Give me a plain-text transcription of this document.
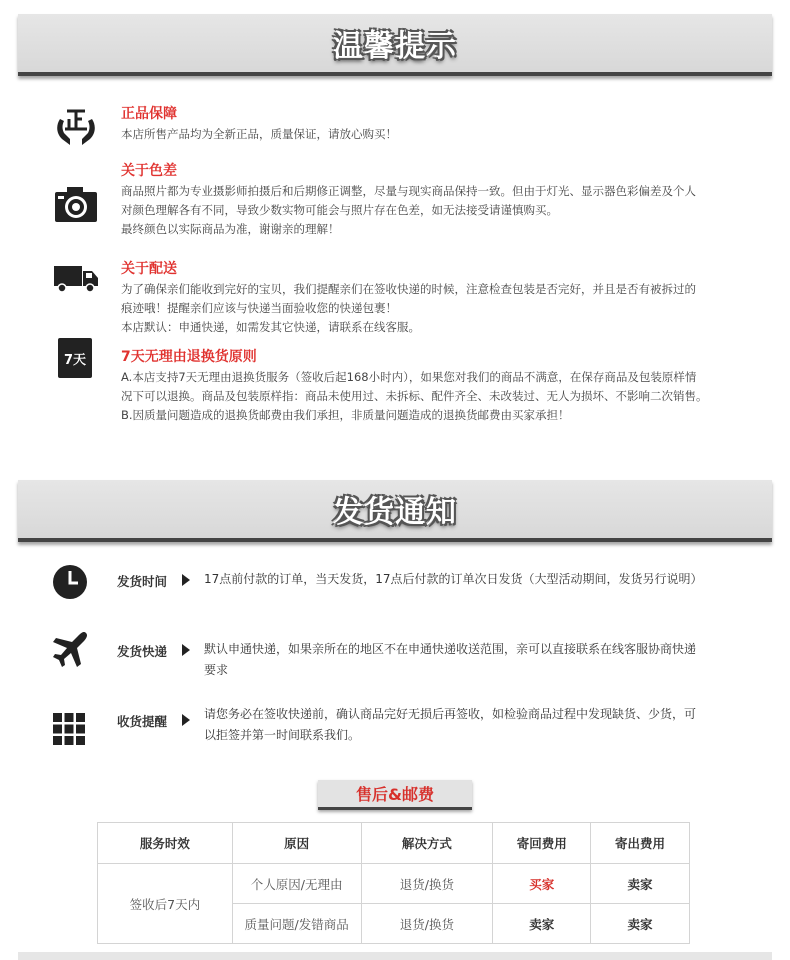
温馨提示
正品保障
本店所售产品均为全新正品，质量保证，请放心购买！
关于色差
商品照片都为专业摄影师拍摄后和后期修正调整，尽量与现实商品保持一致。但由于灯光、显示器色彩偏差及个人
对颜色理解各有不同，导致少数实物可能会与照片存在色差，如无法接受请谨慎购买。
最终颜色以实际商品为准，谢谢亲的理解！
关于配送
为了确保亲们能收到完好的宝贝，我们提醒亲们在签收快递的时候，注意检查包装是否完好，并且是否有被拆过的
痕迹哦！提醒亲们应该与快递当面验收您的快递包裹！
本店默认：申通快递，如需发其它快递，请联系在线客服。
7天 7天无理由退换货原则
A.本店支持7天无理由退换货服务（签收后起168小时内），如果您对我们的商品不满意，在保存商品及包装原样情
况下可以退换。商品及包装原样指：商品未使用过、未拆标、配件齐全、未改装过、无人为损坏、不影响二次销售。
B.因质量问题造成的退换货邮费由我们承担，非质量问题造成的退换货邮费由买家承担！
发货通知
发货时间	17点前付款的订单，当天发货，17点后付款的订单次日发货（大型活动期间，发货另行说明）
发货快递	默认申通快递，如果亲所在的地区不在申通快递收送范围，亲可以直接联系在线客服协商快递
要求
收货提醒	请您务必在签收快递前，确认商品完好无损后再签收，如检验商品过程中发现缺货、少货，可
以拒签并第一时间联系我们。
售后&邮费
服务时效	原因	解决方式	寄回费用	寄出费用
签收后7天内	个人原因/无理由	退货/换货	买家	卖家
	质量问题/发错商品	退货/换货	卖家	卖家
